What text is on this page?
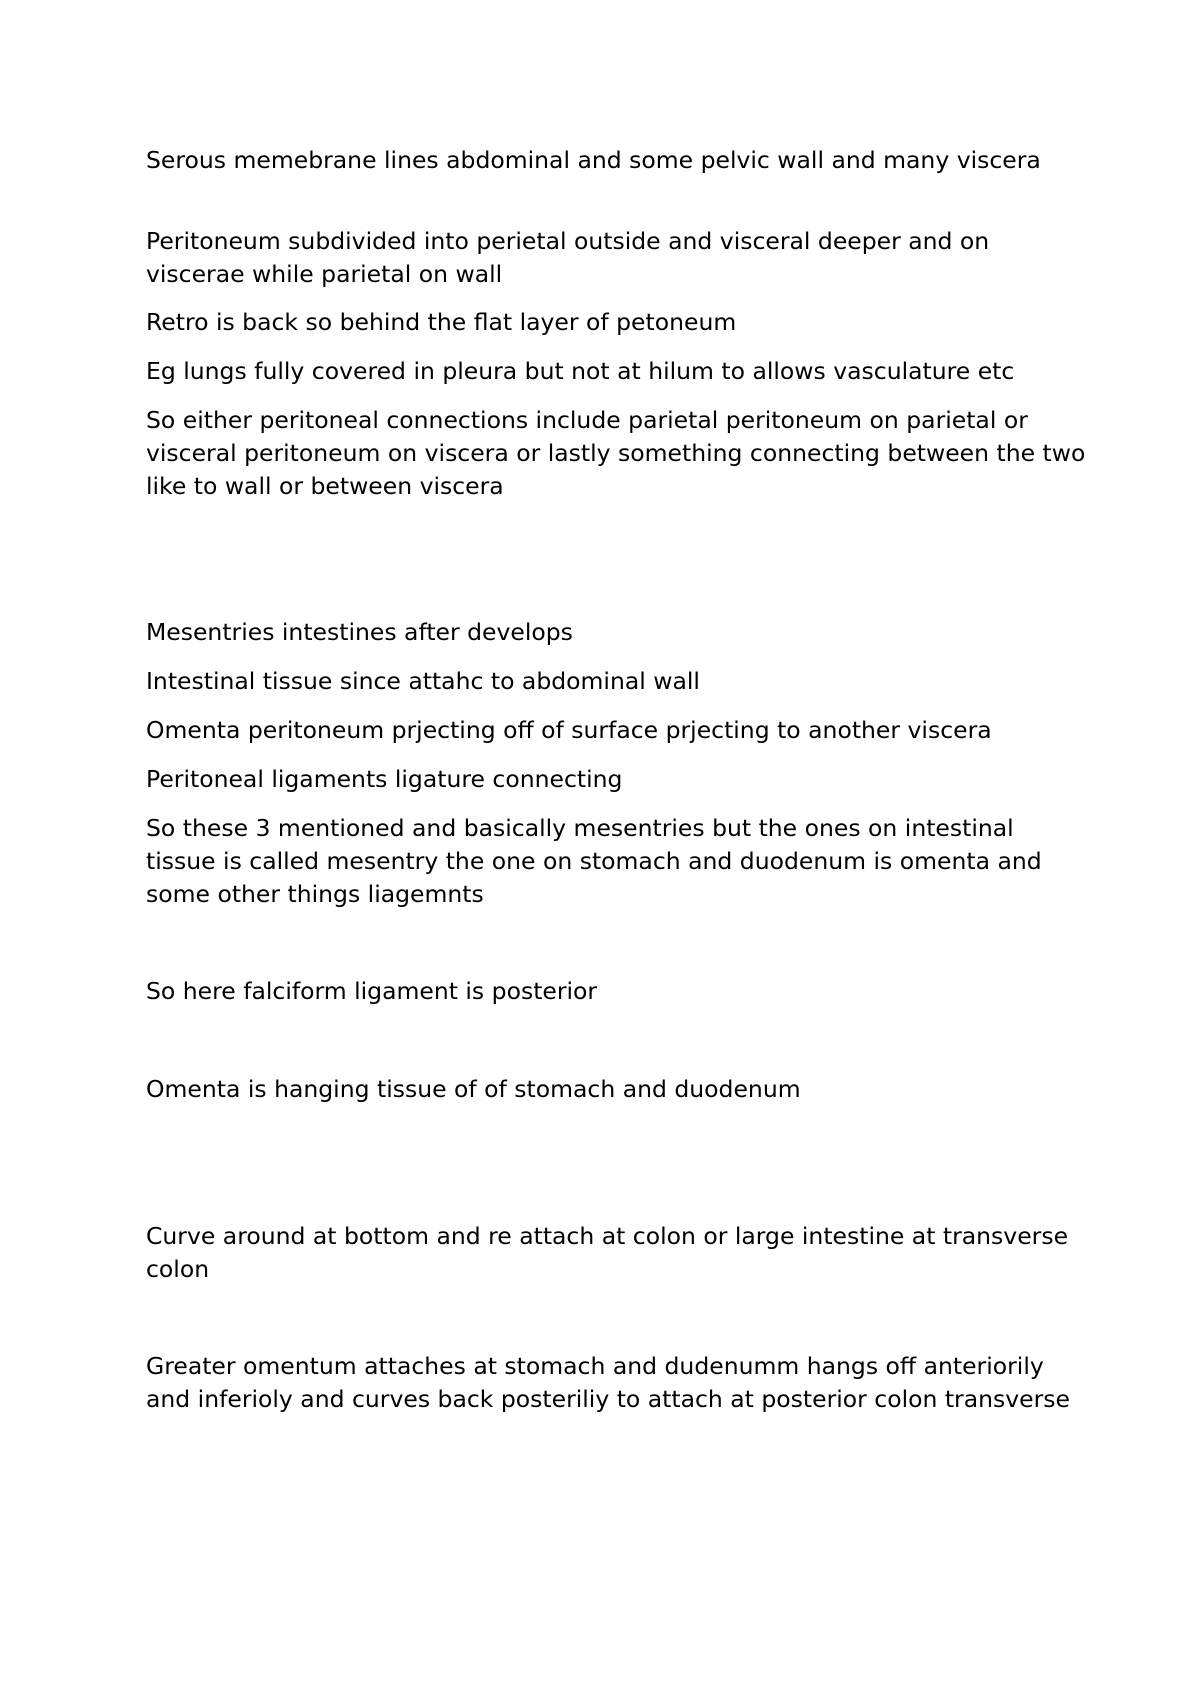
Serous memebrane lines abdominal and some pelvic wall and many viscera

Peritoneum subdivided into perietal outside and visceral deeper and on viscerae while parietal on wall

Retro is back so behind the flat layer of petoneum

Eg lungs fully covered in pleura but not at hilum to allows vasculature etc

So either peritoneal connections include parietal peritoneum on parietal or visceral peritoneum on viscera or lastly something connecting between the two like to wall or between viscera

Mesentries intestines after develops

Intestinal tissue since attahc to abdominal wall

Omenta peritoneum prjecting off of surface prjecting to another viscera

Peritoneal ligaments ligature connecting

So these 3 mentioned and basically mesentries but the ones on intestinal tissue is called mesentry the one on stomach and duodenum is omenta and some other things liagemnts

So here falciform ligament is posterior

Omenta is hanging tissue of of stomach and duodenum

Curve around at bottom and re attach at colon or large intestine at transverse colon

Greater omentum attaches at stomach and dudenumm hangs off anteriorily and inferioly and curves back posteriliy to attach at posterior colon transverse
